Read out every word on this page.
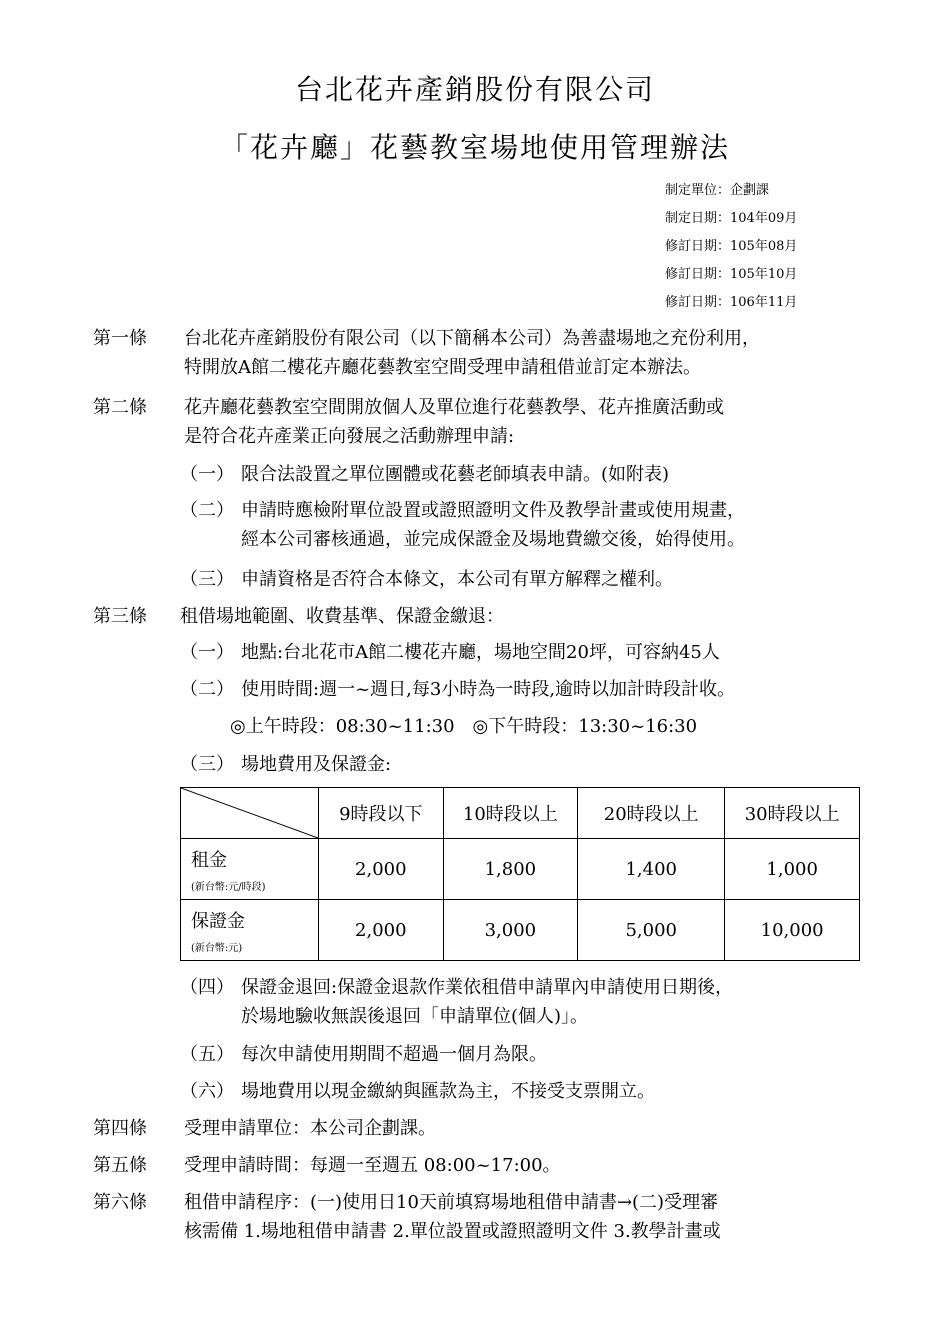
台北花卉產銷股份有限公司
「花卉廳」花藝教室場地使用管理辦法
制定單位：企劃課
制定日期：104年09月
修訂日期：105年08月
修訂日期：105年10月
修訂日期：106年11月
第一條 台北花卉產銷股份有限公司（以下簡稱本公司）為善盡場地之充份利用，
特開放A館二樓花卉廳花藝教室空間受理申請租借並訂定本辦法。
第二條 花卉廳花藝教室空間開放個人及單位進行花藝教學、花卉推廣活動或
是符合花卉產業正向發展之活動辦理申請:
（一） 限合法設置之單位團體或花藝老師填表申請。(如附表)
（二） 申請時應檢附單位設置或證照證明文件及教學計畫或使用規畫，
經本公司審核通過，並完成保證金及場地費繳交後，始得使用。
（三） 申請資格是否符合本條文，本公司有單方解釋之權利。
第三條 租借場地範圍、收費基準、保證金繳退：
（一） 地點:台北花市A館二樓花卉廳，場地空間20坪，可容納45人
（二） 使用時間:週一~週日,每3小時為一時段,逾時以加計時段計收。
◎上午時段：08:30~11:30　◎下午時段：13:30~16:30
（三） 場地費用及保證金:
	9時段以下	10時段以上	20時段以上	30時段以上

租金
(新台幣:元/時段)	2,000	1,800	1,400	1,000

保證金
(新台幣:元)	2,000	3,000	5,000	10,000
（四） 保證金退回:保證金退款作業依租借申請單內申請使用日期後，
於場地驗收無誤後退回「申請單位(個人)」。
（五） 每次申請使用期間不超過一個月為限。
（六） 場地費用以現金繳納與匯款為主，不接受支票開立。
第四條 受理申請單位：本公司企劃課。
第五條 受理申請時間：每週一至週五 08:00~17:00。
第六條 租借申請程序：(一)使用日10天前填寫場地租借申請書→(二)受理審
核需備 1.場地租借申請書 2.單位設置或證照證明文件 3.教學計畫或
